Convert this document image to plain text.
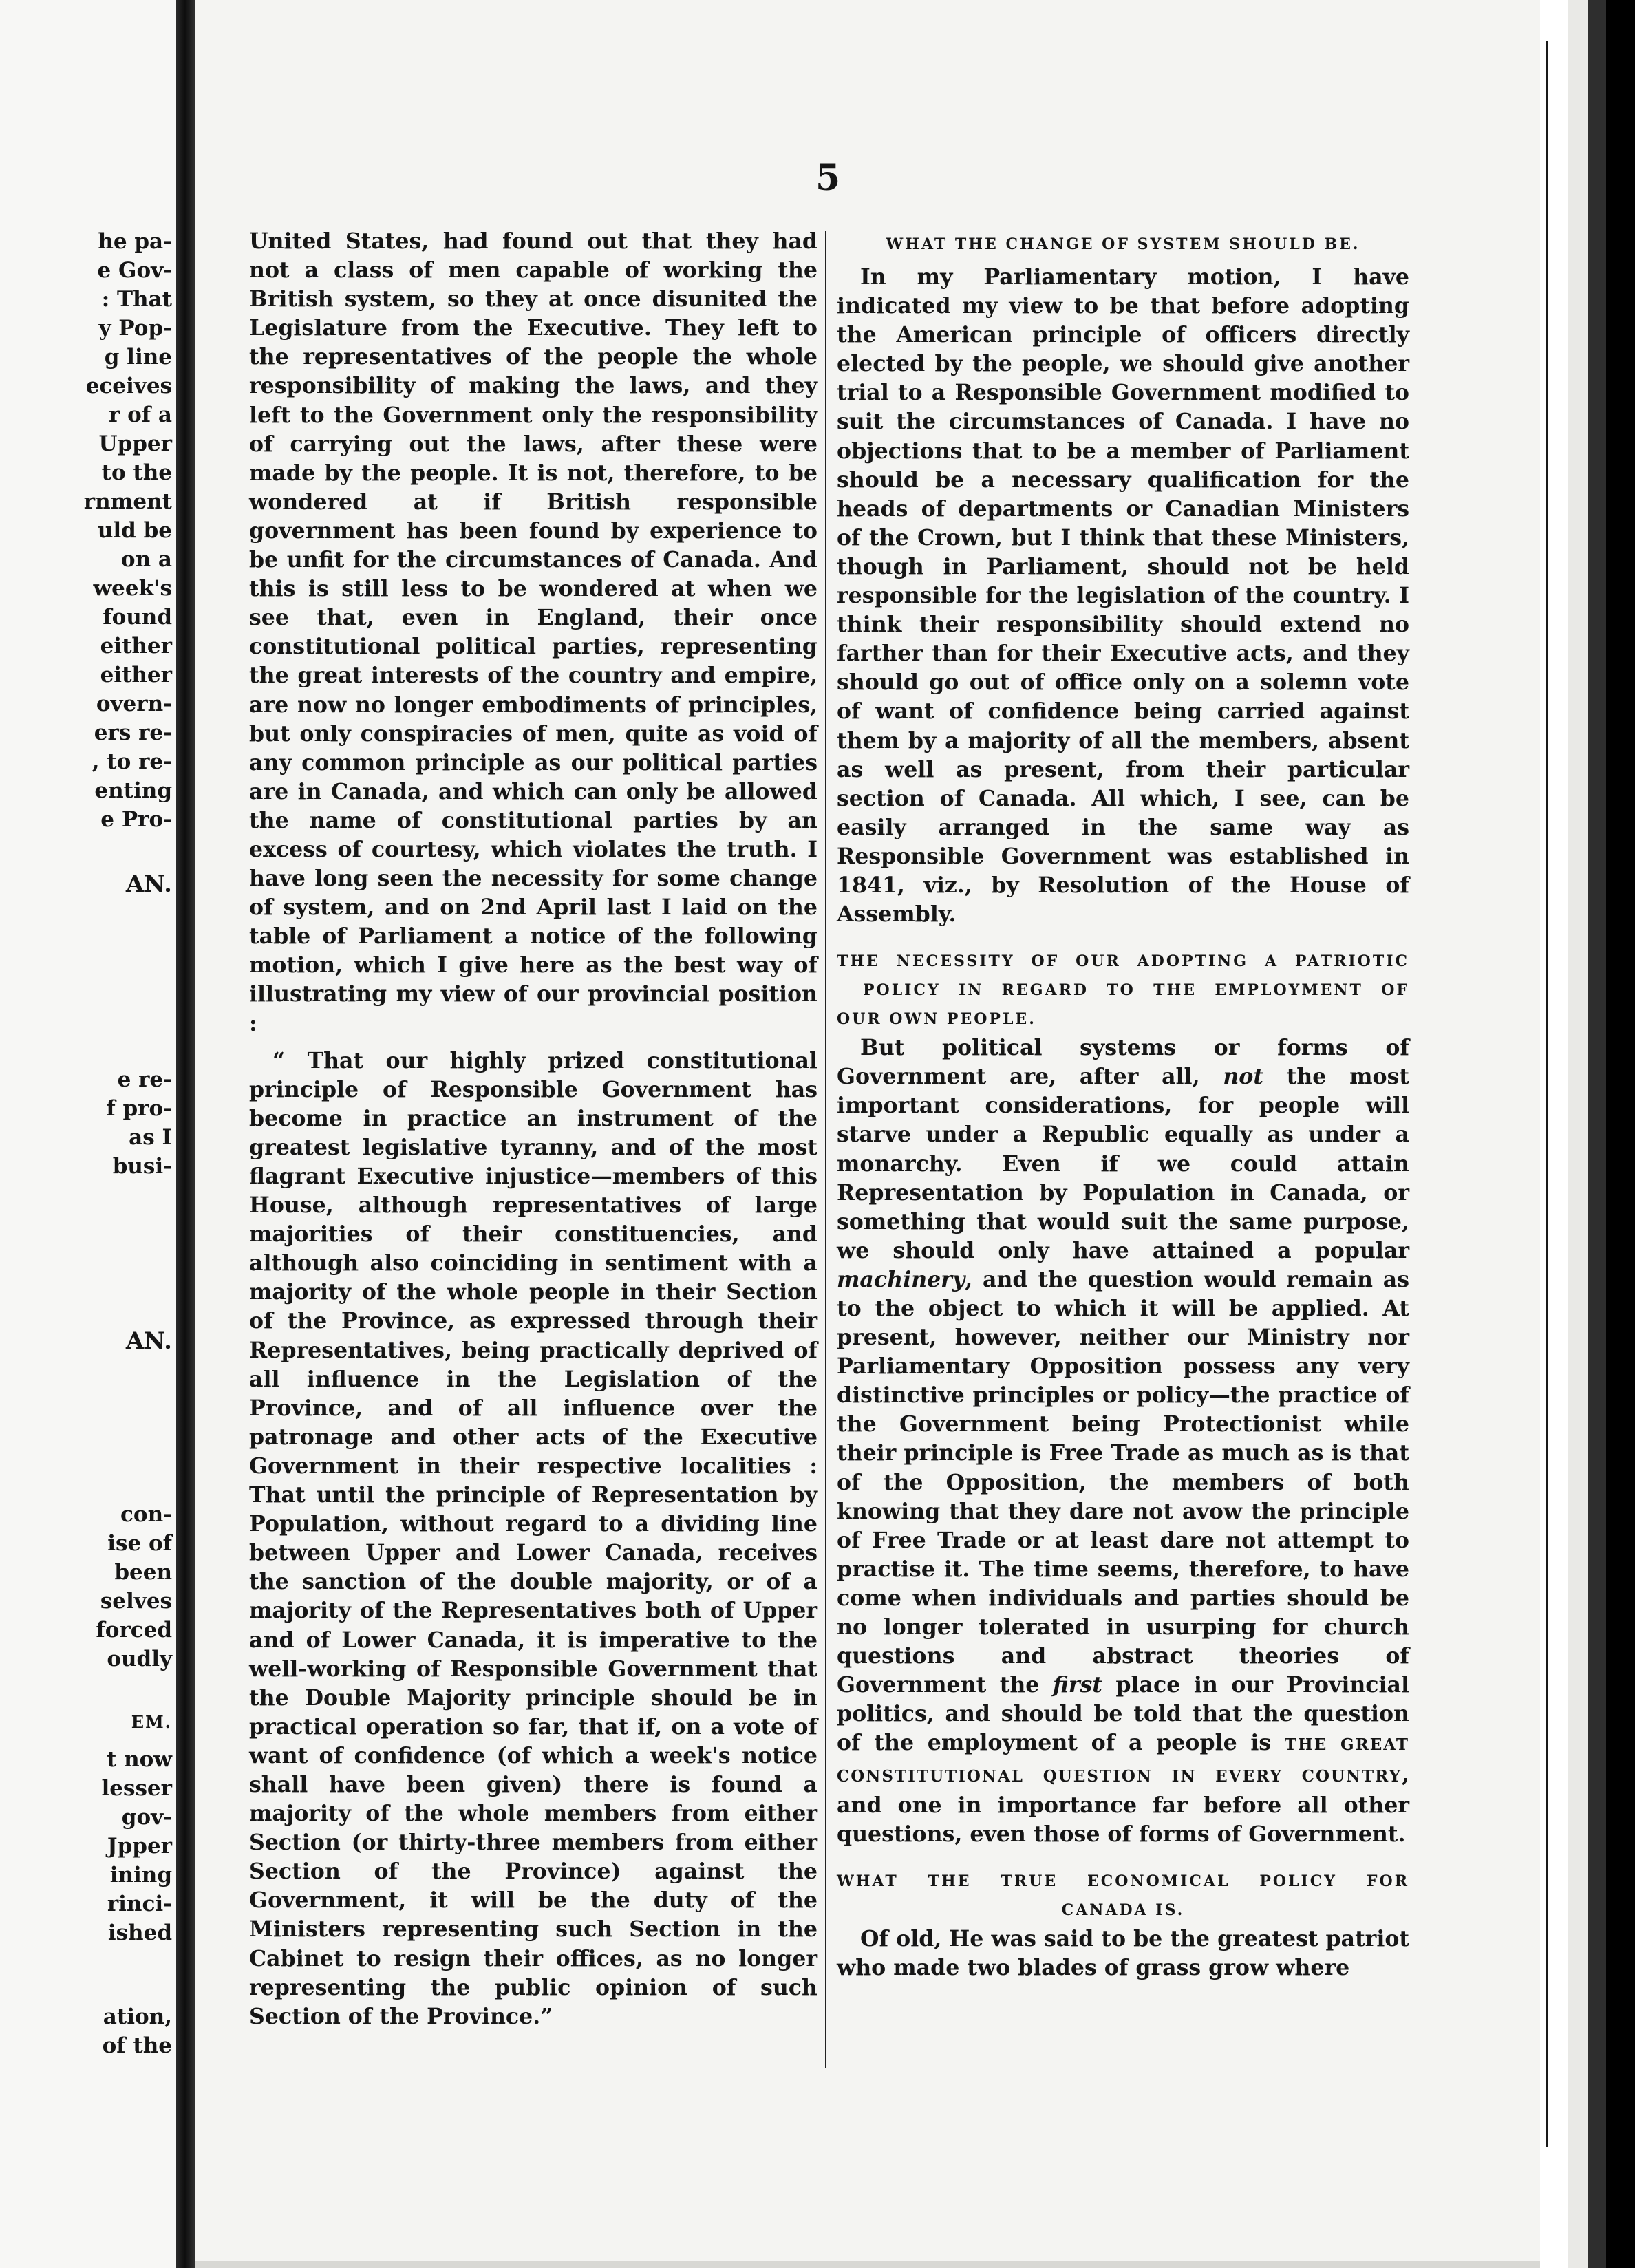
he pa-
e Gov-
: That
y Pop-
g line
eceives
r of a
Upper
to the
rnment
uld be
on a
week's
found
either
either
overn-
ers re-
, to re-
enting
e Pro-
AN.
e re-
f pro-
as I
busi-
AN.
con-
ise of
been
selves
forced
oudly
EM.
t now
lesser
gov-
Jpper
ining
rinci-
ished
ation,
of the
5

United States, had found out that they had not a class of men capable of working the British system, so they at once disunited the Legislature from the Executive. They left to the representatives of the people the whole responsibility of making the laws, and they left to the Government only the responsibility of carrying out the laws, after these were made by the people. It is not, therefore, to be wondered at if British responsible government has been found by experience to be unfit for the circumstances of Canada. And this is still less to be wondered at when we see that, even in England, their once constitutional political parties, representing the great interests of the country and empire, are now no longer embodiments of principles, but only conspiracies of men, quite as void of any common principle as our political parties are in Canada, and which can only be allowed the name of constitutional parties by an excess of courtesy, which violates the truth. I have long seen the necessity for some change of system, and on 2nd April last I laid on the table of Parliament a notice of the following motion, which I give here as the best way of illustrating my view of our provincial position :

“ That our highly prized constitutional principle of Responsible Government has become in practice an instrument of the greatest legislative tyranny, and of the most flagrant Executive injustice—members of this House, although representatives of large majorities of their constituencies, and although also coinciding in sentiment with a majority of the whole people in their Section of the Province, as expressed through their Representatives, being practically deprived of all influence in the Legislation of the Province, and of all influence over the patronage and other acts of the Executive Government in their respective localities : That until the principle of Representation by Population, without regard to a dividing line between Upper and Lower Canada, receives the sanction of the double majority, or of a majority of the Representatives both of Upper and of Lower Canada, it is imperative to the well-working of Responsible Government that the Double Majority principle should be in practical operation so far, that if, on a vote of want of confidence (of which a week's notice shall have been given) there is found a majority of the whole members from either Section (or thirty-three members from either Section of the Province) against the Government, it will be the duty of the Ministers representing such Section in the Cabinet to resign their offices, as no longer representing the public opinion of such Section of the Province.”

WHAT THE CHANGE OF SYSTEM SHOULD BE.

In my Parliamentary motion, I have indicated my view to be that before adopting the American principle of officers directly elected by the people, we should give another trial to a Responsible Government modified to suit the circumstances of Canada. I have no objections that to be a member of Parliament should be a necessary qualification for the heads of departments or Canadian Ministers of the Crown, but I think that these Ministers, though in Parliament, should not be held responsible for the legislation of the country. I think their responsibility should extend no farther than for their Executive acts, and they should go out of office only on a solemn vote of want of confidence being carried against them by a majority of all the members, absent as well as present, from their particular section of Canada. All which, I see, can be easily arranged in the same way as Responsible Government was established in 1841, viz., by Resolution of the House of Assembly.

THE NECESSITY OF OUR ADOPTING A PATRIOTIC
POLICY IN REGARD TO THE EMPLOYMENT OF
OUR OWN PEOPLE.

But political systems or forms of Government are, after all, not the most important considerations, for people will starve under a Republic equally as under a monarchy. Even if we could attain Representation by Population in Canada, or something that would suit the same purpose, we should only have attained a popular machinery, and the question would remain as to the object to which it will be applied. At present, however, neither our Ministry nor Parliamentary Opposition possess any very distinctive principles or policy—the practice of the Government being Protectionist while their principle is Free Trade as much as is that of the Opposition, the members of both knowing that they dare not avow the principle of Free Trade or at least dare not attempt to practise it. The time seems, therefore, to have come when individuals and parties should be no longer tolerated in usurping for church questions and abstract theories of Government the first place in our Provincial politics, and should be told that the question of the employment of a people is THE GREAT CONSTITUTIONAL QUESTION IN EVERY COUNTRY, and one in importance far before all other questions, even those of forms of Government.

WHAT THE TRUE ECONOMICAL POLICY FOR
CANADA IS.

Of old, He was said to be the greatest patriot who made two blades of grass grow where
